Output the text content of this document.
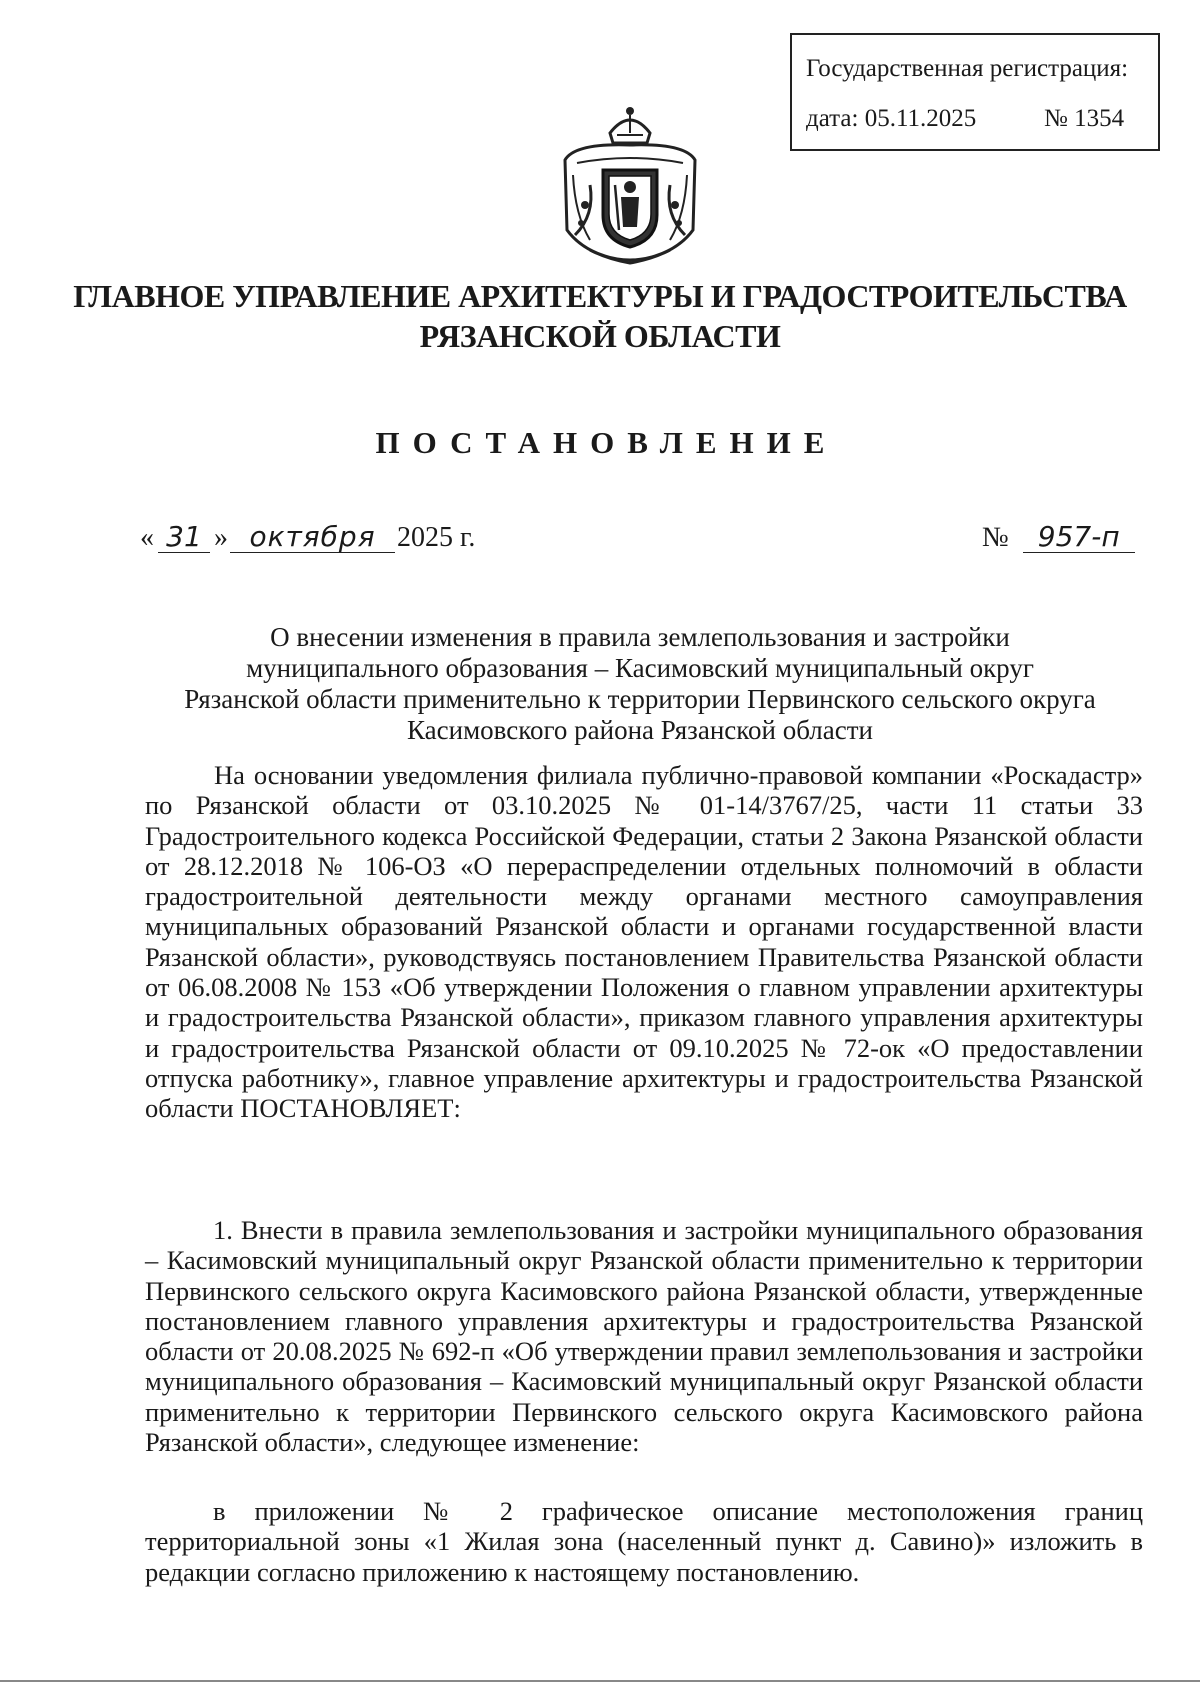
Государственная регистрация:
дата: 05.11.2025	№ 1354
ГЛАВНОЕ УПРАВЛЕНИЕ АРХИТЕКТУРЫ И ГРАДОСТРОИТЕЛЬСТВА
РЯЗАНСКОЙ ОБЛАСТИ
ПОСТАНОВЛЕНИЕ
« 31 » октября 2025 г.	№	957-п
О внесении изменения в правила землепользования и застройки
муниципального образования – Касимовский муниципальный округ
Рязанской области применительно к территории Первинского сельского округа
Касимовского района Рязанской области

На основании уведомления филиала публично-правовой компании «Роскадастр» по Рязанской области от 03.10.2025 № 01-14/3767/25, части 11 статьи 33 Градостроительного кодекса Российской Федерации, статьи 2 Закона Рязанской области от 28.12.2018 № 106-ОЗ «О перераспределении отдельных полномочий в области градостроительной деятельности между органами местного самоуправления муниципальных образований Рязанской области и органами государственной власти Рязанской области», руководствуясь постановлением Правительства Рязанской области от 06.08.2008 № 153 «Об утверждении Положения о главном управлении архитектуры и градостроительства Рязанской области», приказом главного управления архитектуры и градостроительства Рязанской области от 09.10.2025 № 72-ок «О предоставлении отпуска работнику», главное управление архитектуры и градостроительства Рязанской области ПОСТАНОВЛЯЕТ:

1. Внести в правила землепользования и застройки муниципального образования – Касимовский муниципальный округ Рязанской области применительно к территории Первинского сельского округа Касимовского района Рязанской области, утвержденные постановлением главного управления архитектуры и градостроительства Рязанской области от 20.08.2025 № 692-п «Об утверждении правил землепользования и застройки муниципального образования – Касимовский муниципальный округ Рязанской области применительно к территории Первинского сельского округа Касимовского района Рязанской области», следующее изменение:

в приложении № 2 графическое описание местоположения границ территориальной зоны «1 Жилая зона (населенный пункт д. Савино)» изложить в редакции согласно приложению к настоящему постановлению.
